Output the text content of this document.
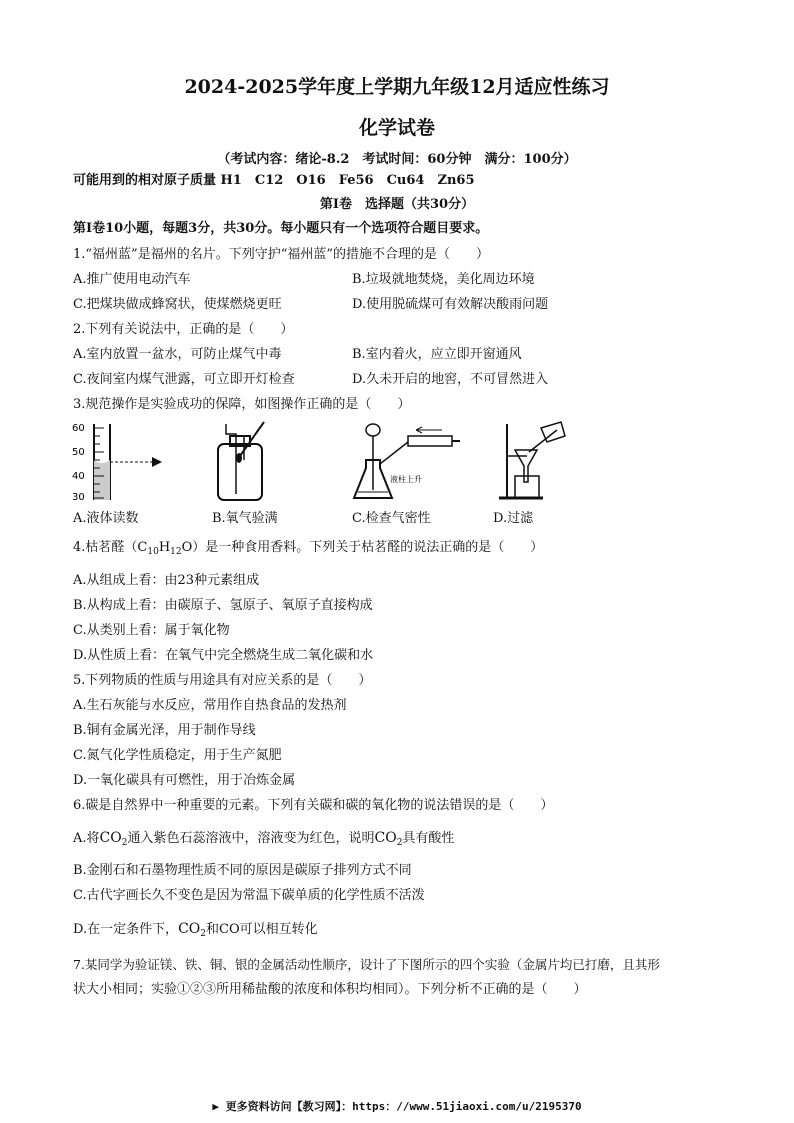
2024-2025学年度上学期九年级12月适应性练习
化学试卷
（考试内容：绪论-8.2　考试时间：60分钟　满分：100分）
可能用到的相对原子质量 H1　C12　O16　Fe56　Cu64　Zn65
第Ⅰ卷　选择题（共30分）
第Ⅰ卷10小题，每题3分，共30分。每小题只有一个选项符合题目要求。
1.“福州蓝”是福州的名片。下列守护“福州蓝”的措施不合理的是（　　）
A.推广使用电动汽车	B.垃圾就地焚烧，美化周边环境
C.把煤块做成蜂窝状，使煤燃烧更旺	D.使用脱硫煤可有效解决酸雨问题
2.下列有关说法中，正确的是（　　）
A.室内放置一盆水，可防止煤气中毒	B.室内着火，应立即开窗通风
C.夜间室内煤气泄露，可立即开灯检查	D.久未开启的地窖，不可冒然进入
3.规范操作是实验成功的保障，如图操作正确的是（　　）
60
50
40
30
液柱上升
A.液体读数	B.氧气验满	C.检查气密性	D.过滤
4.枯茗醛$(C_{10}H_{12}O)$是一种食用香料。下列关于枯茗醛的说法正确的是（　　）
A.从组成上看：由23种元素组成
B.从构成上看：由碳原子、氢原子、氧原子直接构成
C.从类别上看：属于氧化物
D.从性质上看：在氧气中完全燃烧生成二氧化碳和水
5.下列物质的性质与用途具有对应关系的是（　　）
A.生石灰能与水反应，常用作自热食品的发热剂
B.铜有金属光泽，用于制作导线
C.氮气化学性质稳定，用于生产氮肥
D.一氧化碳具有可燃性，用于冶炼金属
6.碳是自然界中一种重要的元素。下列有关碳和碳的氧化物的说法错误的是（　　）
A.将$CO_2$通入紫色石蕊溶液中，溶液变为红色，说明$CO_2$具有酸性
B.金刚石和石墨物理性质不同的原因是碳原子排列方式不同
C.古代字画长久不变色是因为常温下碳单质的化学性质不活泼
D.在一定条件下，$CO_2$和CO可以相互转化
7.某同学为验证镁、铁、铜、银的金属活动性顺序，设计了下图所示的四个实验（金属片均已打磨，且其形
状大小相同；实验①②③所用稀盐酸的浓度和体积均相同）。下列分析不正确的是（　　）
▶ 更多资料访问【教习网】：https：//www.51jiaoxi.com/u/2195370
